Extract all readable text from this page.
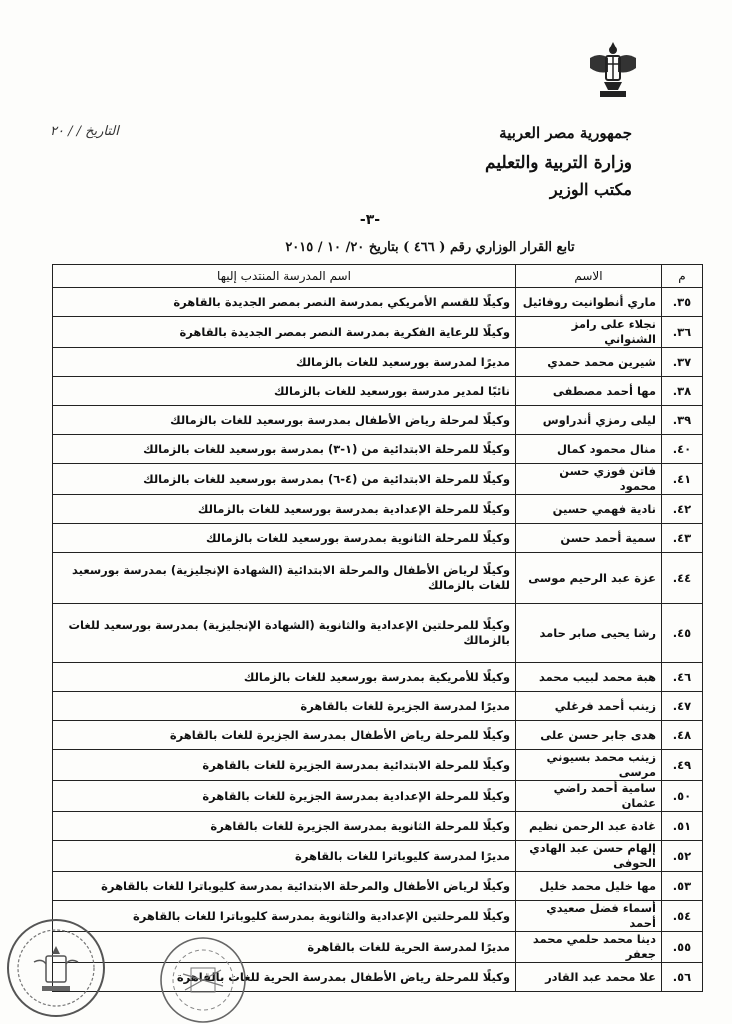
جمهورية مصر العربية
وزارة التربية والتعليم
مكتب الوزير
التاريخ / / ٢٠
-٣-
تابع القرار الوزاري رقم ( ٤٦٦ ) بتاريخ ٢٠/ ١٠ / ٢٠١٥
م	الاسم	اسم المدرسة المنتدب إليها
٣٥.	ماري أنطوانيت روفائيل	وكيلًا للقسم الأمريكي بمدرسة النصر بمصر الجديدة بالقاهرة
٣٦.	نجلاء على رامز الشنواني	وكيلًا للرعاية الفكرية بمدرسة النصر بمصر الجديدة بالقاهرة
٣٧.	شيرين محمد حمدي	مديرًا لمدرسة بورسعيد للغات بالزمالك
٣٨.	مها أحمد مصطفى	نائبًا لمدير مدرسة بورسعيد للغات بالزمالك
٣٩.	ليلى رمزي أندراوس	وكيلًا لمرحلة رياض الأطفال بمدرسة بورسعيد للغات بالزمالك
٤٠.	منال محمود كمال	وكيلًا للمرحلة الابتدائية من (١-٣) بمدرسة بورسعيد للغات بالزمالك
٤١.	فاتن فوزي حسن محمود	وكيلًا للمرحلة الابتدائية من (٤-٦) بمدرسة بورسعيد للغات بالزمالك
٤٢.	نادية فهمي حسين	وكيلًا للمرحلة الإعدادية بمدرسة بورسعيد للغات بالزمالك
٤٣.	سمية أحمد حسن	وكيلًا للمرحلة الثانوية بمدرسة بورسعيد للغات بالزمالك
٤٤.	عزة عبد الرحيم موسى	وكيلًا لرياض الأطفال والمرحلة الابتدائية (الشهادة الإنجليزية) بمدرسة بورسعيد للغات بالزمالك
٤٥.	رشا يحيى صابر حامد	وكيلًا للمرحلتين الإعدادية والثانوية (الشهادة الإنجليزية) بمدرسة بورسعيد للغات بالزمالك
٤٦.	هبة محمد لبيب محمد	وكيلًا للأمريكية بمدرسة بورسعيد للغات بالزمالك
٤٧.	زينب أحمد فرغلي	مديرًا لمدرسة الجزيرة للغات بالقاهرة
٤٨.	هدى جابر حسن على	وكيلًا للمرحلة رياض الأطفال بمدرسة الجزيرة للغات بالقاهرة
٤٩.	زينب محمد بسيوني مرسى	وكيلًا للمرحلة الابتدائية بمدرسة الجزيرة للغات بالقاهرة
٥٠.	سامية أحمد راضي عثمان	وكيلًا للمرحلة الإعدادية بمدرسة الجزيرة للغات بالقاهرة
٥١.	غادة عبد الرحمن نظيم	وكيلًا للمرحلة الثانوية بمدرسة الجزيرة للغات بالقاهرة
٥٢.	إلهام حسن عبد الهادي الحوفى	مديرًا لمدرسة كليوباترا للغات بالقاهرة
٥٣.	مها خليل محمد خليل	وكيلًا لرياض الأطفال والمرحلة الابتدائية بمدرسة كليوباترا للغات بالقاهرة
٥٤.	أسماء فضل صعيدي أحمد	وكيلًا للمرحلتين الإعدادية والثانوية بمدرسة كليوباترا للغات بالقاهرة
٥٥.	دينا محمد حلمي محمد جعفر	مديرًا لمدرسة الحرية للغات بالقاهرة
٥٦.	علا محمد عبد القادر	وكيلًا للمرحلة رياض الأطفال بمدرسة الحرية للغات بالقاهرة
